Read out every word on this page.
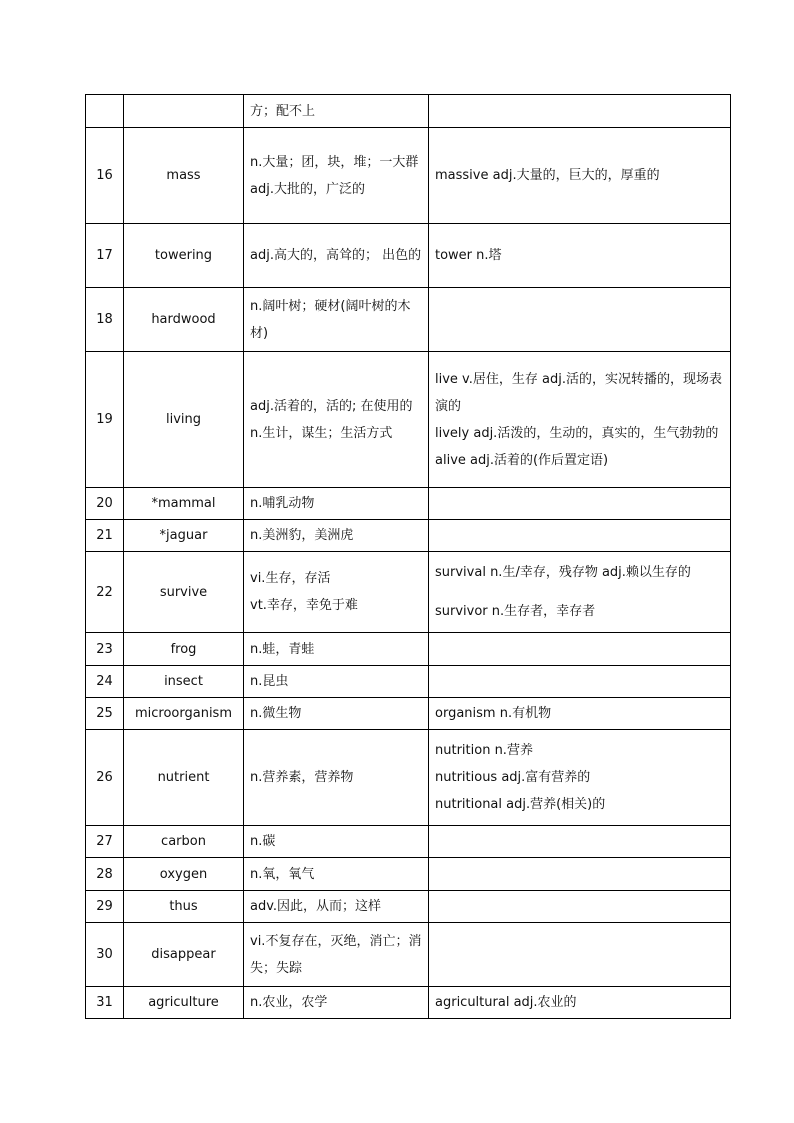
		方；配不上	

16	mass	n.大量；团，块，堆；一大群
adj.大批的，广泛的	massive adj.大量的，巨大的，厚重的

17	towering	adj.高大的，高耸的； 出色的	tower n.塔

18	hardwood	n.阔叶树；硬材(阔叶树的木材)	

19	living	adj.活着的，活的; 在使用的
n.生计，谋生；生活方式	live v.居住，生存 adj.活的，实况转播的，现场表演的
lively adj.活泼的，生动的，真实的，生气勃勃的
alive adj.活着的(作后置定语)

20	*mammal	n.哺乳动物	

21	*jaguar	n.美洲豹，美洲虎	

22	survive	vi.生存，存活
vt.幸存，幸免于难	survival n.生/幸存，残存物 adj.赖以生存的
survivor n.生存者，幸存者

23	frog	n.蛙，青蛙	

24	insect	n.昆虫	

25	microorganism	n.微生物	organism n.有机物

26	nutrient	n.营养素，营养物	nutrition n.营养
nutritious adj.富有营养的
nutritional adj.营养(相关)的

27	carbon	n.碳	

28	oxygen	n.氧，氧气	

29	thus	adv.因此，从而；这样	

30	disappear	vi.不复存在，灭绝，消亡；消失；失踪	

31	agriculture	n.农业，农学	agricultural adj.农业的
